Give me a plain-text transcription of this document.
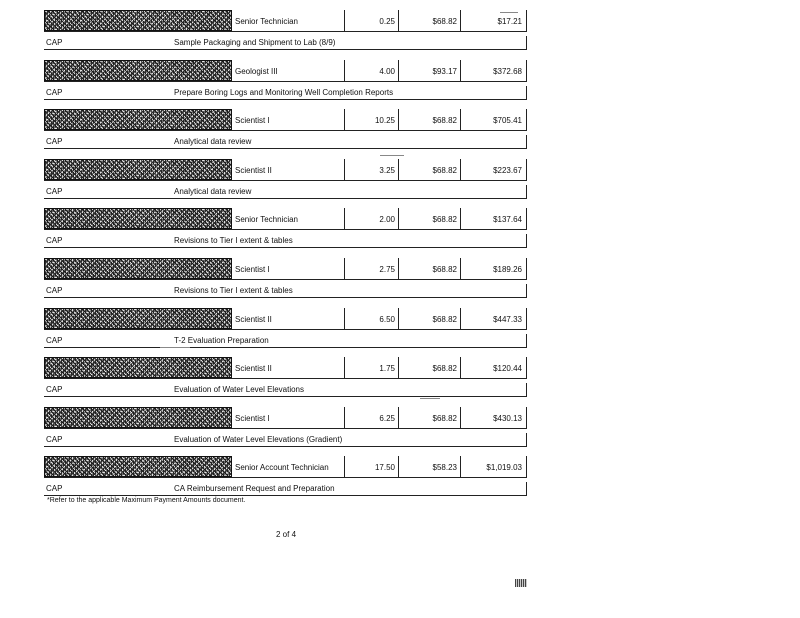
Senior Technician	0.25	$68.82	$17.21
CAP	Sample Packaging and Shipment to Lab (8/9)
Geologist III	4.00	$93.17	$372.68
CAP	Prepare Boring Logs and Monitoring Well Completion Reports
Scientist I	10.25	$68.82	$705.41
CAP	Analytical data review
Scientist II	3.25	$68.82	$223.67
CAP	Analytical data review
Senior Technician	2.00	$68.82	$137.64
CAP	Revisions to Tier I extent & tables
Scientist I	2.75	$68.82	$189.26
CAP	Revisions to Tier I extent & tables
Scientist II	6.50	$68.82	$447.33
CAP	T-2 Evaluation Preparation
Scientist II	1.75	$68.82	$120.44
CAP	Evaluation of Water Level Elevations
Scientist I	6.25	$68.82	$430.13
CAP	Evaluation of Water Level Elevations (Gradient)
Senior Account Technician	17.50	$58.23	$1,019.03
CAP	CA Reimbursement Request and Preparation
*Refer to the applicable Maximum Payment Amounts document.
2 of 4
